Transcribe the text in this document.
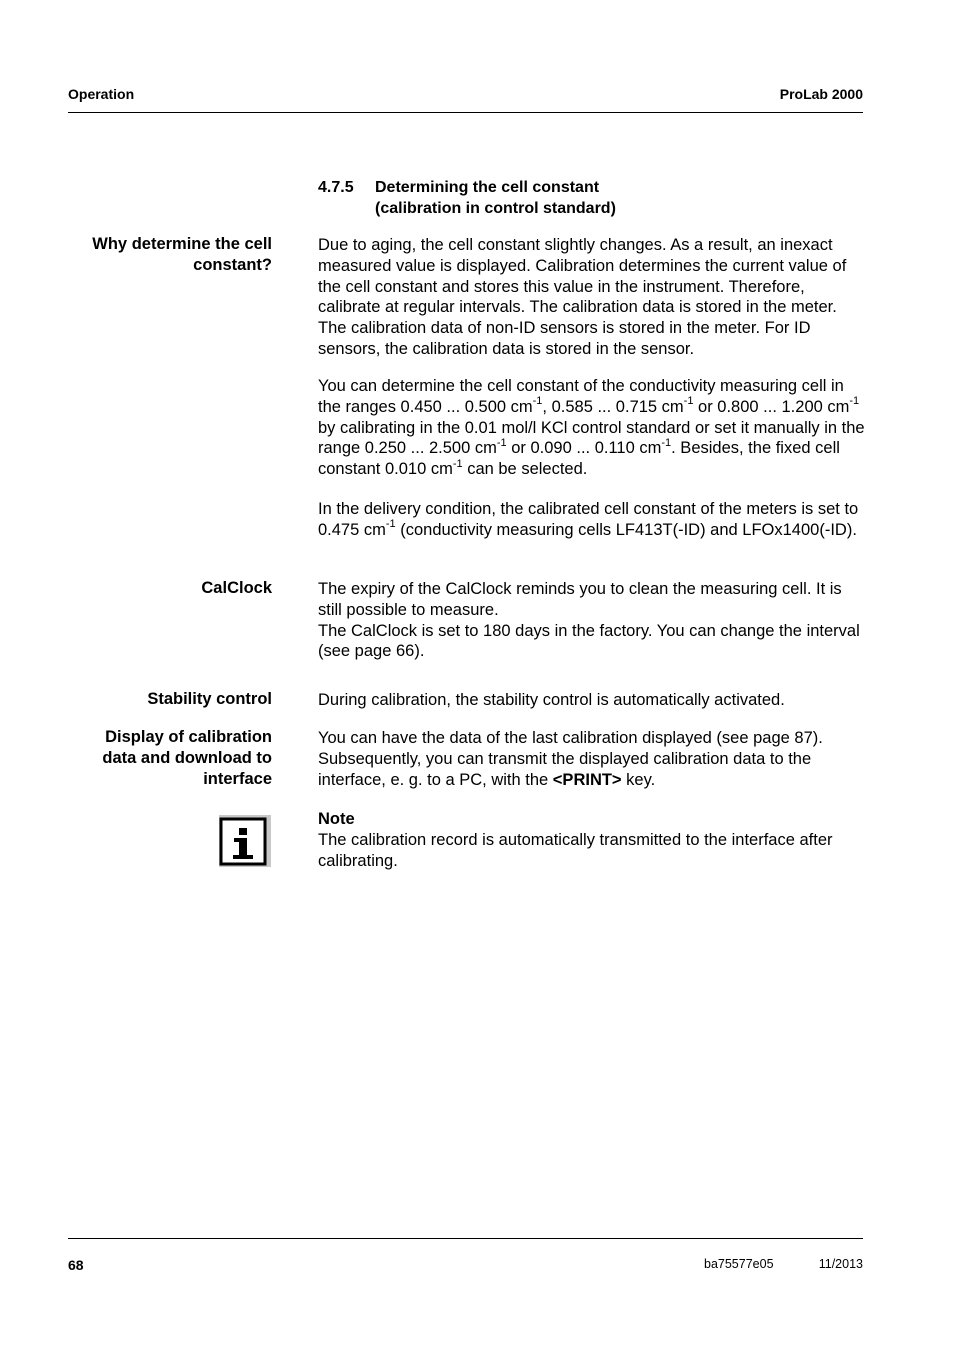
Operation	ProLab 2000
4.7.5	Determining the cell constant
(calibration in control standard)
Why determine the cell constant?
Due to aging, the cell constant slightly changes. As a result, an inexact measured value is displayed. Calibration determines the current value of the cell constant and stores this value in the instrument. Therefore, calibrate at regular intervals. The calibration data is stored in the meter. The calibration data of non-ID sensors is stored in the meter. For ID sensors, the calibration data is stored in the sensor.
You can determine the cell constant of the conductivity measuring cell in the ranges 0.450 ... 0.500 $cm^{-1}$, 0.585 ... 0.715 $cm^{-1}$ or 0.800 ... 1.200 $cm^{-1}$ by calibrating in the 0.01 mol/l KCl control standard or set it manually in the range 0.250 ... 2.500 $cm^{-1}$ or 0.090 ... 0.110 $cm^{-1}$. Besides, the fixed cell constant 0.010 $cm^{-1}$ can be selected.
In the delivery condition, the calibrated cell constant of the meters is set to 0.475 $cm^{-1}$ (conductivity measuring cells LF413T(-ID) and LFOx1400(-ID).
CalClock	The expiry of the CalClock reminds you to clean the measuring cell. It is still possible to measure.
The CalClock is set to 180 days in the factory. You can change the interval (see page 66).
Stability control	During calibration, the stability control is automatically activated.
Display of calibration data and download to interface
You can have the data of the last calibration displayed (see page 87). Subsequently, you can transmit the displayed calibration data to the interface, e. g. to a PC, with the <PRINT> key.
Note
The calibration record is automatically transmitted to the interface after calibrating.
68	ba75577e05	11/2013
